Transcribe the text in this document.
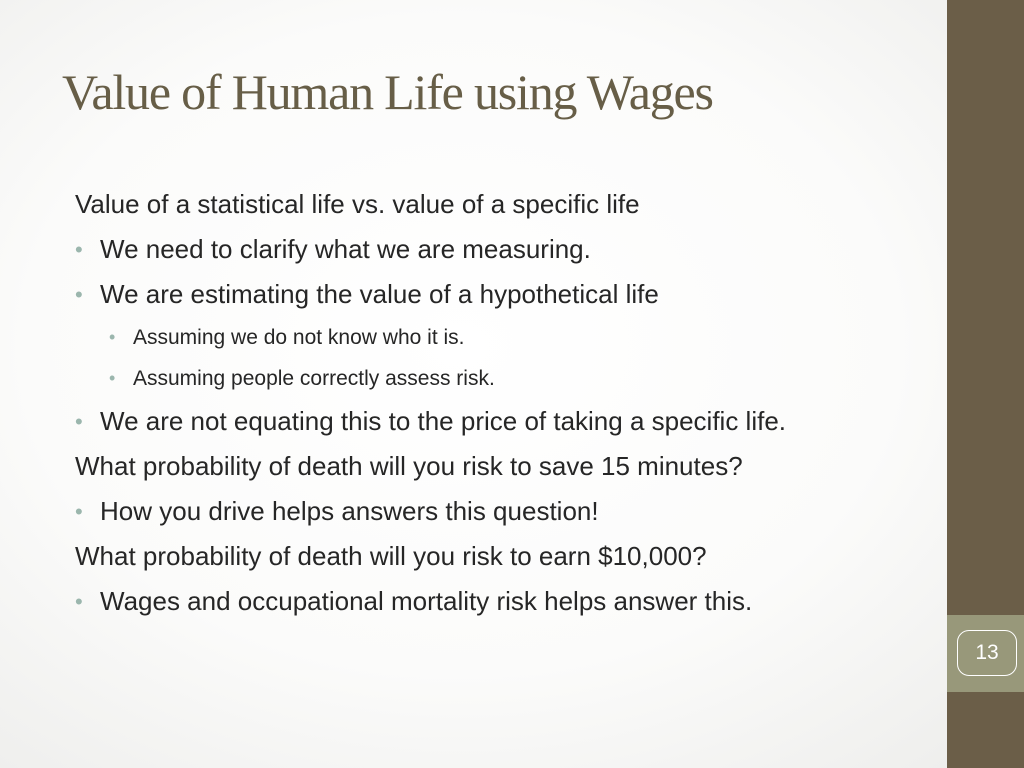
Value of Human Life using Wages
Value of a statistical life vs. value of a specific life
• We need to clarify what we are measuring.
• We are estimating the value of a hypothetical life
• Assuming we do not know who it is.
• Assuming people correctly assess risk.
• We are not equating this to the price of taking a specific life.
What probability of death will you risk to save 15 minutes?
• How you drive helps answers this question!
What probability of death will you risk to earn $10,000?
• Wages and occupational mortality risk helps answer this.
13
